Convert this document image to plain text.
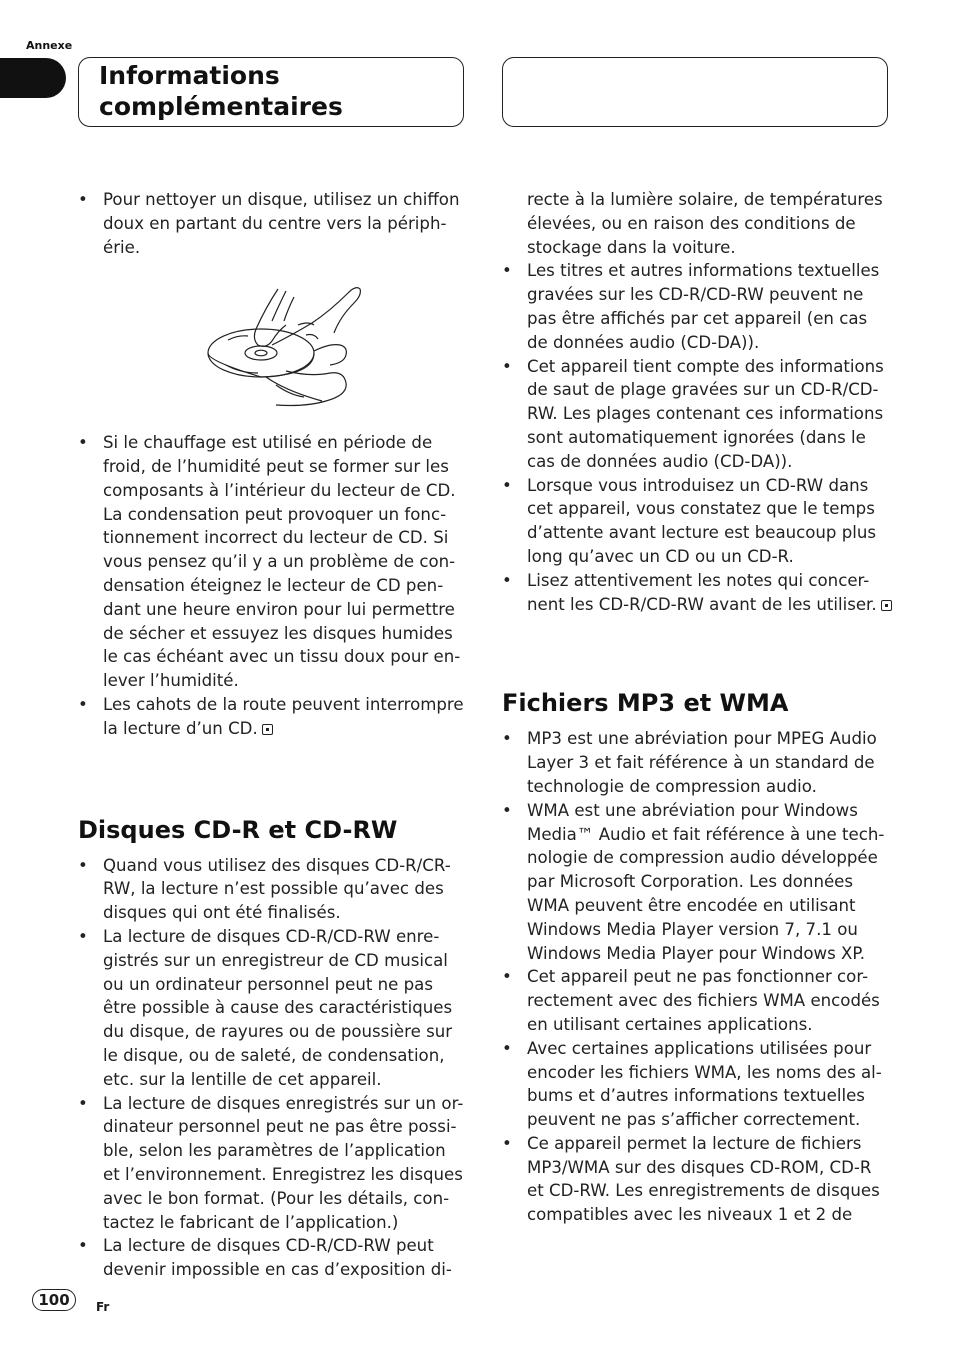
Annexe
Informations complémentaires
• Pour nettoyer un disque, utilisez un chiffon doux en partant du centre vers la périph- érie.
• Si le chauffage est utilisé en période de froid, de l’humidité peut se former sur les composants à l’intérieur du lecteur de CD. La condensation peut provoquer un fonc- tionnement incorrect du lecteur de CD. Si vous pensez qu’il y a un problème de con- densation éteignez le lecteur de CD pen- dant une heure environ pour lui permettre de sécher et essuyez les disques humides le cas échéant avec un tissu doux pour en- lever l’humidité.
• Les cahots de la route peuvent interrompre la lecture d’un CD.
Disques CD-R et CD-RW
• Quand vous utilisez des disques CD-R/CR- RW, la lecture n’est possible qu’avec des disques qui ont été finalisés.
• La lecture de disques CD-R/CD-RW enre- gistrés sur un enregistreur de CD musical ou un ordinateur personnel peut ne pas être possible à cause des caractéristiques du disque, de rayures ou de poussière sur le disque, ou de saleté, de condensation, etc. sur la lentille de cet appareil.
• La lecture de disques enregistrés sur un or- dinateur personnel peut ne pas être possi- ble, selon les paramètres de l’application et l’environnement. Enregistrez les disques avec le bon format. (Pour les détails, con- tactez le fabricant de l’application.)
• La lecture de disques CD-R/CD-RW peut devenir impossible en cas d’exposition di-
recte à la lumière solaire, de températures élevées, ou en raison des conditions de stockage dans la voiture.
• Les titres et autres informations textuelles gravées sur les CD-R/CD-RW peuvent ne pas être affichés par cet appareil (en cas de données audio (CD-DA)).
• Cet appareil tient compte des informations de saut de plage gravées sur un CD-R/CD- RW. Les plages contenant ces informations sont automatiquement ignorées (dans le cas de données audio (CD-DA)).
• Lorsque vous introduisez un CD-RW dans cet appareil, vous constatez que le temps d’attente avant lecture est beaucoup plus long qu’avec un CD ou un CD-R.
• Lisez attentivement les notes qui concer- nent les CD-R/CD-RW avant de les utiliser.
Fichiers MP3 et WMA
• MP3 est une abréviation pour MPEG Audio Layer 3 et fait référence à un standard de technologie de compression audio.
• WMA est une abréviation pour Windows Media™ Audio et fait référence à une tech- nologie de compression audio développée par Microsoft Corporation. Les données WMA peuvent être encodée en utilisant Windows Media Player version 7, 7.1 ou Windows Media Player pour Windows XP.
• Cet appareil peut ne pas fonctionner cor- rectement avec des fichiers WMA encodés en utilisant certaines applications.
• Avec certaines applications utilisées pour encoder les fichiers WMA, les noms des al- bums et d’autres informations textuelles peuvent ne pas s’afficher correctement.
• Ce appareil permet la lecture de fichiers MP3/WMA sur des disques CD-ROM, CD-R et CD-RW. Les enregistrements de disques compatibles avec les niveaux 1 et 2 de
100	Fr
